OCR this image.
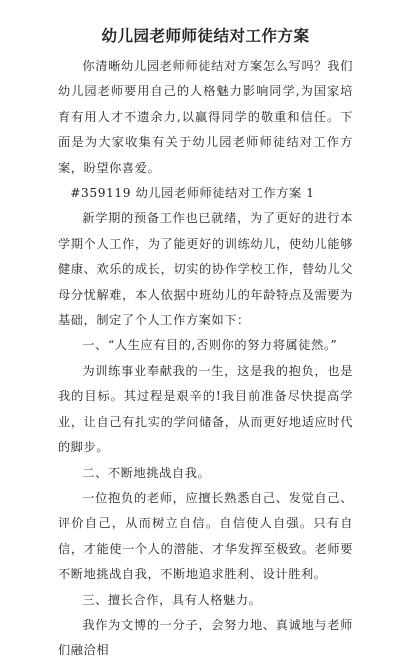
幼儿园老师师徒结对工作方案

你清晰幼儿园老师师徒结对方案怎么写吗？我们幼儿园老师要用自己的人格魅力影响同学,为国家培育有用人才不遗余力,以赢得同学的敬重和信任。下面是为大家收集有关于幼儿园老师师徒结对工作方案，盼望你喜爱。

#359119 幼儿园老师师徒结对工作方案 1

新学期的预备工作也已就绪，为了更好的进行本学期个人工作，为了能更好的训练幼儿，使幼儿能够健康、欢乐的成长，切实的协作学校工作，替幼儿父母分忧解难，本人依据中班幼儿的年龄特点及需要为基础，制定了个人工作方案如下：

一、“人生应有目的,否则你的努力将属徒然。”

为训练事业奉献我的一生，这是我的抱负，也是我的目标。其过程是艰辛的!我目前准备尽快提高学业，让自己有扎实的学问储备，从而更好地适应时代的脚步。

二、不断地挑战自我。

一位抱负的老师，应擅长熟悉自己、发觉自己、评价自己，从而树立自信。自信使人自强。只有自信，才能使一个人的潜能、才华发挥至极致。老师要不断地挑战自我，不断地追求胜利、设计胜利。

三、擅长合作，具有人格魅力。

我作为文博的一分子，会努力地、真诚地与老师们融洽相
